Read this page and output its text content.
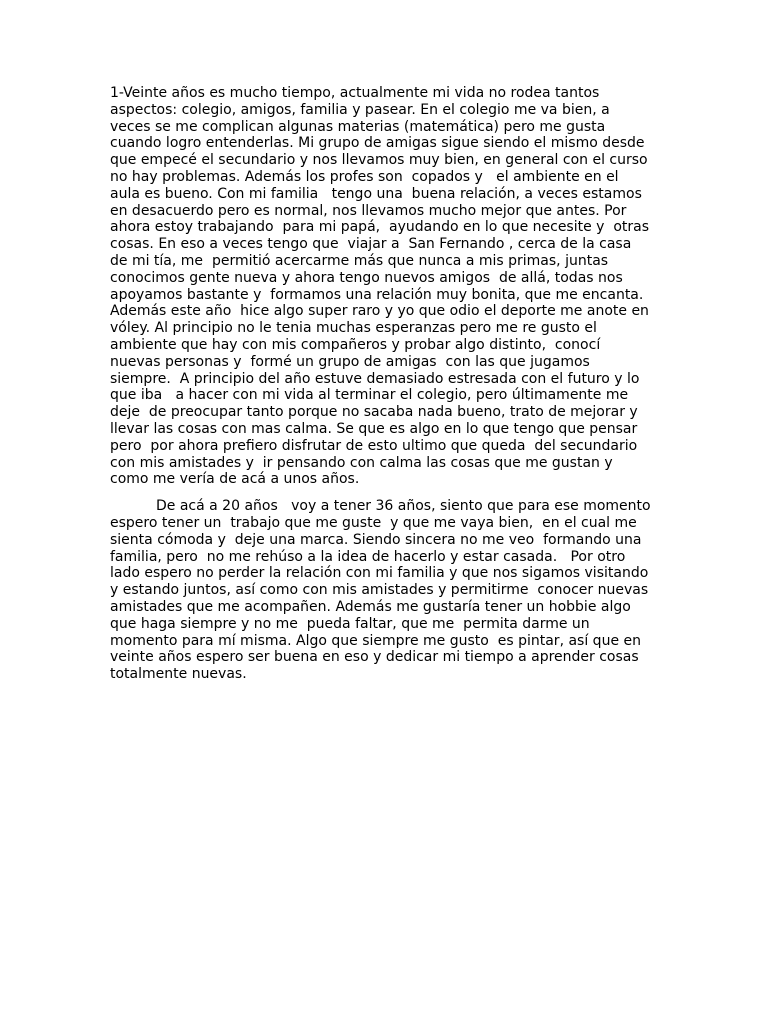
1-Veinte años es mucho tiempo, actualmente mi vida no rodea tantos
aspectos: colegio, amigos, familia y pasear. En el colegio me va bien, a
veces se me complican algunas materias (matemática) pero me gusta
cuando logro entenderlas. Mi grupo de amigas sigue siendo el mismo desde
que empecé el secundario y nos llevamos muy bien, en general con el curso
no hay problemas. Además los profes son  copados y   el ambiente en el
aula es bueno. Con mi familia   tengo una  buena relación, a veces estamos
en desacuerdo pero es normal, nos llevamos mucho mejor que antes. Por
ahora estoy trabajando  para mi papá,  ayudando en lo que necesite y  otras
cosas. En eso a veces tengo que  viajar a  San Fernando , cerca de la casa
de mi tía, me  permitió acercarme más que nunca a mis primas, juntas
conocimos gente nueva y ahora tengo nuevos amigos  de allá, todas nos
apoyamos bastante y  formamos una relación muy bonita, que me encanta.
Además este año  hice algo super raro y yo que odio el deporte me anote en
vóley. Al principio no le tenia muchas esperanzas pero me re gusto el
ambiente que hay con mis compañeros y probar algo distinto,  conocí
nuevas personas y  formé un grupo de amigas  con las que jugamos
siempre.  A principio del año estuve demasiado estresada con el futuro y lo
que iba   a hacer con mi vida al terminar el colegio, pero últimamente me
deje  de preocupar tanto porque no sacaba nada bueno, trato de mejorar y
llevar las cosas con mas calma. Se que es algo en lo que tengo que pensar
pero  por ahora prefiero disfrutar de esto ultimo que queda  del secundario
con mis amistades y  ir pensando con calma las cosas que me gustan y
como me vería de acá a unos años.
De acá a 20 años   voy a tener 36 años, siento que para ese momento
espero tener un  trabajo que me guste  y que me vaya bien,  en el cual me
sienta cómoda y  deje una marca. Siendo sincera no me veo  formando una
familia, pero  no me rehúso a la idea de hacerlo y estar casada.   Por otro
lado espero no perder la relación con mi familia y que nos sigamos visitando
y estando juntos, así como con mis amistades y permitirme  conocer nuevas
amistades que me acompañen. Además me gustaría tener un hobbie algo
que haga siempre y no me  pueda faltar, que me  permita darme un
momento para mí misma. Algo que siempre me gusto  es pintar, así que en
veinte años espero ser buena en eso y dedicar mi tiempo a aprender cosas
totalmente nuevas.
